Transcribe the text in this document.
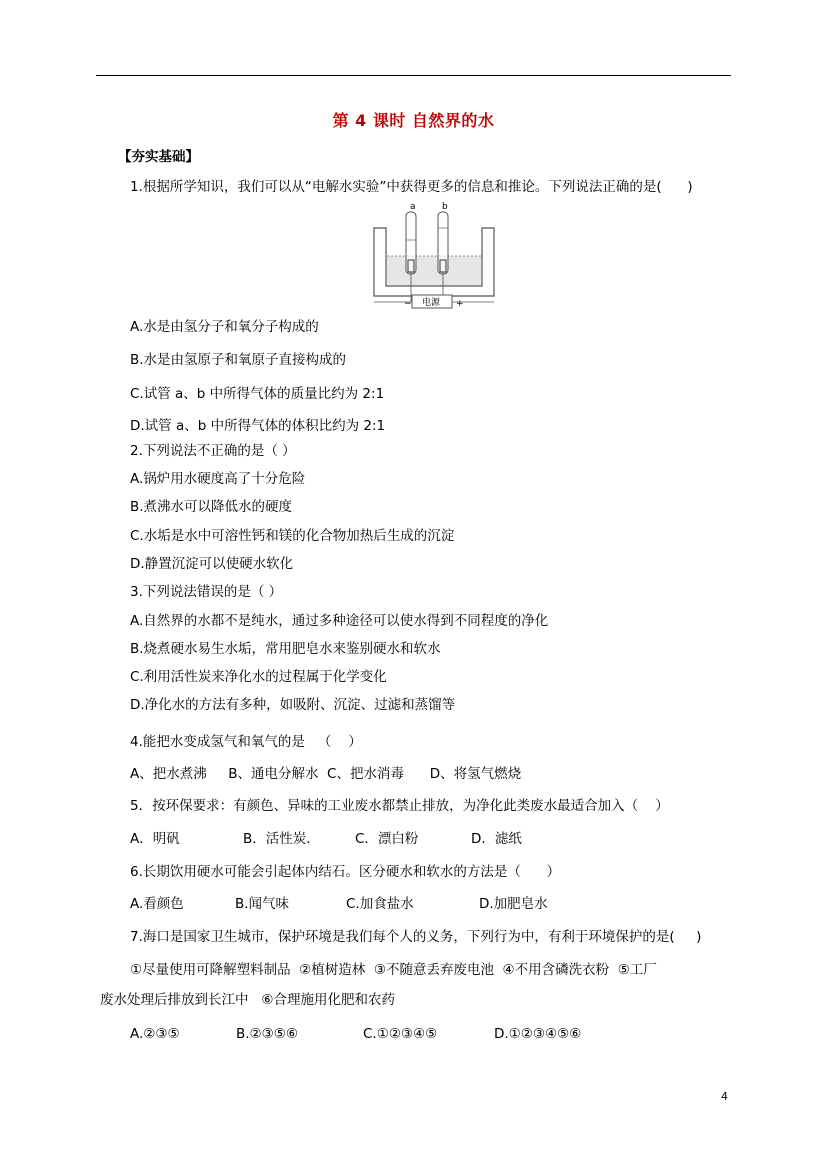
第 4 课时 自然界的水
【夯实基础】
1.根据所学知识，我们可以从“电解水实验”中获得更多的信息和推论。下列说法正确的是(      )
a	b
电源
−	+
A.水是由氢分子和氧分子构成的
B.水是由氢原子和氧原子直接构成的
C.试管 a、b 中所得气体的质量比约为 2:1
D.试管 a、b 中所得气体的体积比约为 2:1
2.下列说法不正确的是（ ）
A.锅炉用水硬度高了十分危险
B.煮沸水可以降低水的硬度
C.水垢是水中可溶性钙和镁的化合物加热后生成的沉淀
D.静置沉淀可以使硬水软化
3.下列说法错误的是（ ）
A.自然界的水都不是纯水，通过多种途径可以使水得到不同程度的净化
B.烧煮硬水易生水垢，常用肥皂水来鉴别硬水和软水
C.利用活性炭来净化水的过程属于化学变化
D.净化水的方法有多种，如吸附、沉淀、过滤和蒸馏等
4.能把水变成氢气和氧气的是   （    ）
A、把水煮沸     B、通电分解水  C、把水消毒      D、将氢气燃烧
5．按环保要求：有颜色、异味的工业废水都禁止排放，为净化此类废水最适合加入（    ）
A．明矾	B．活性炭．	C．漂白粉	D．滤纸
6.长期饮用硬水可能会引起体内结石。区分硬水和软水的方法是（      ）
A.看颜色	B.闻气味	C.加食盐水	D.加肥皂水
7.海口是国家卫生城市，保护环境是我们每个人的义务，下列行为中，有利于环境保护的是(     )
①尽量使用可降解塑料制品  ②植树造林  ③不随意丢弃废电池  ④不用含磷洗衣粉  ⑤工厂
废水处理后排放到长江中   ⑥合理施用化肥和农药
A.②③⑤	B.②③⑤⑥	C.①②③④⑤	D.①②③④⑤⑥
4
